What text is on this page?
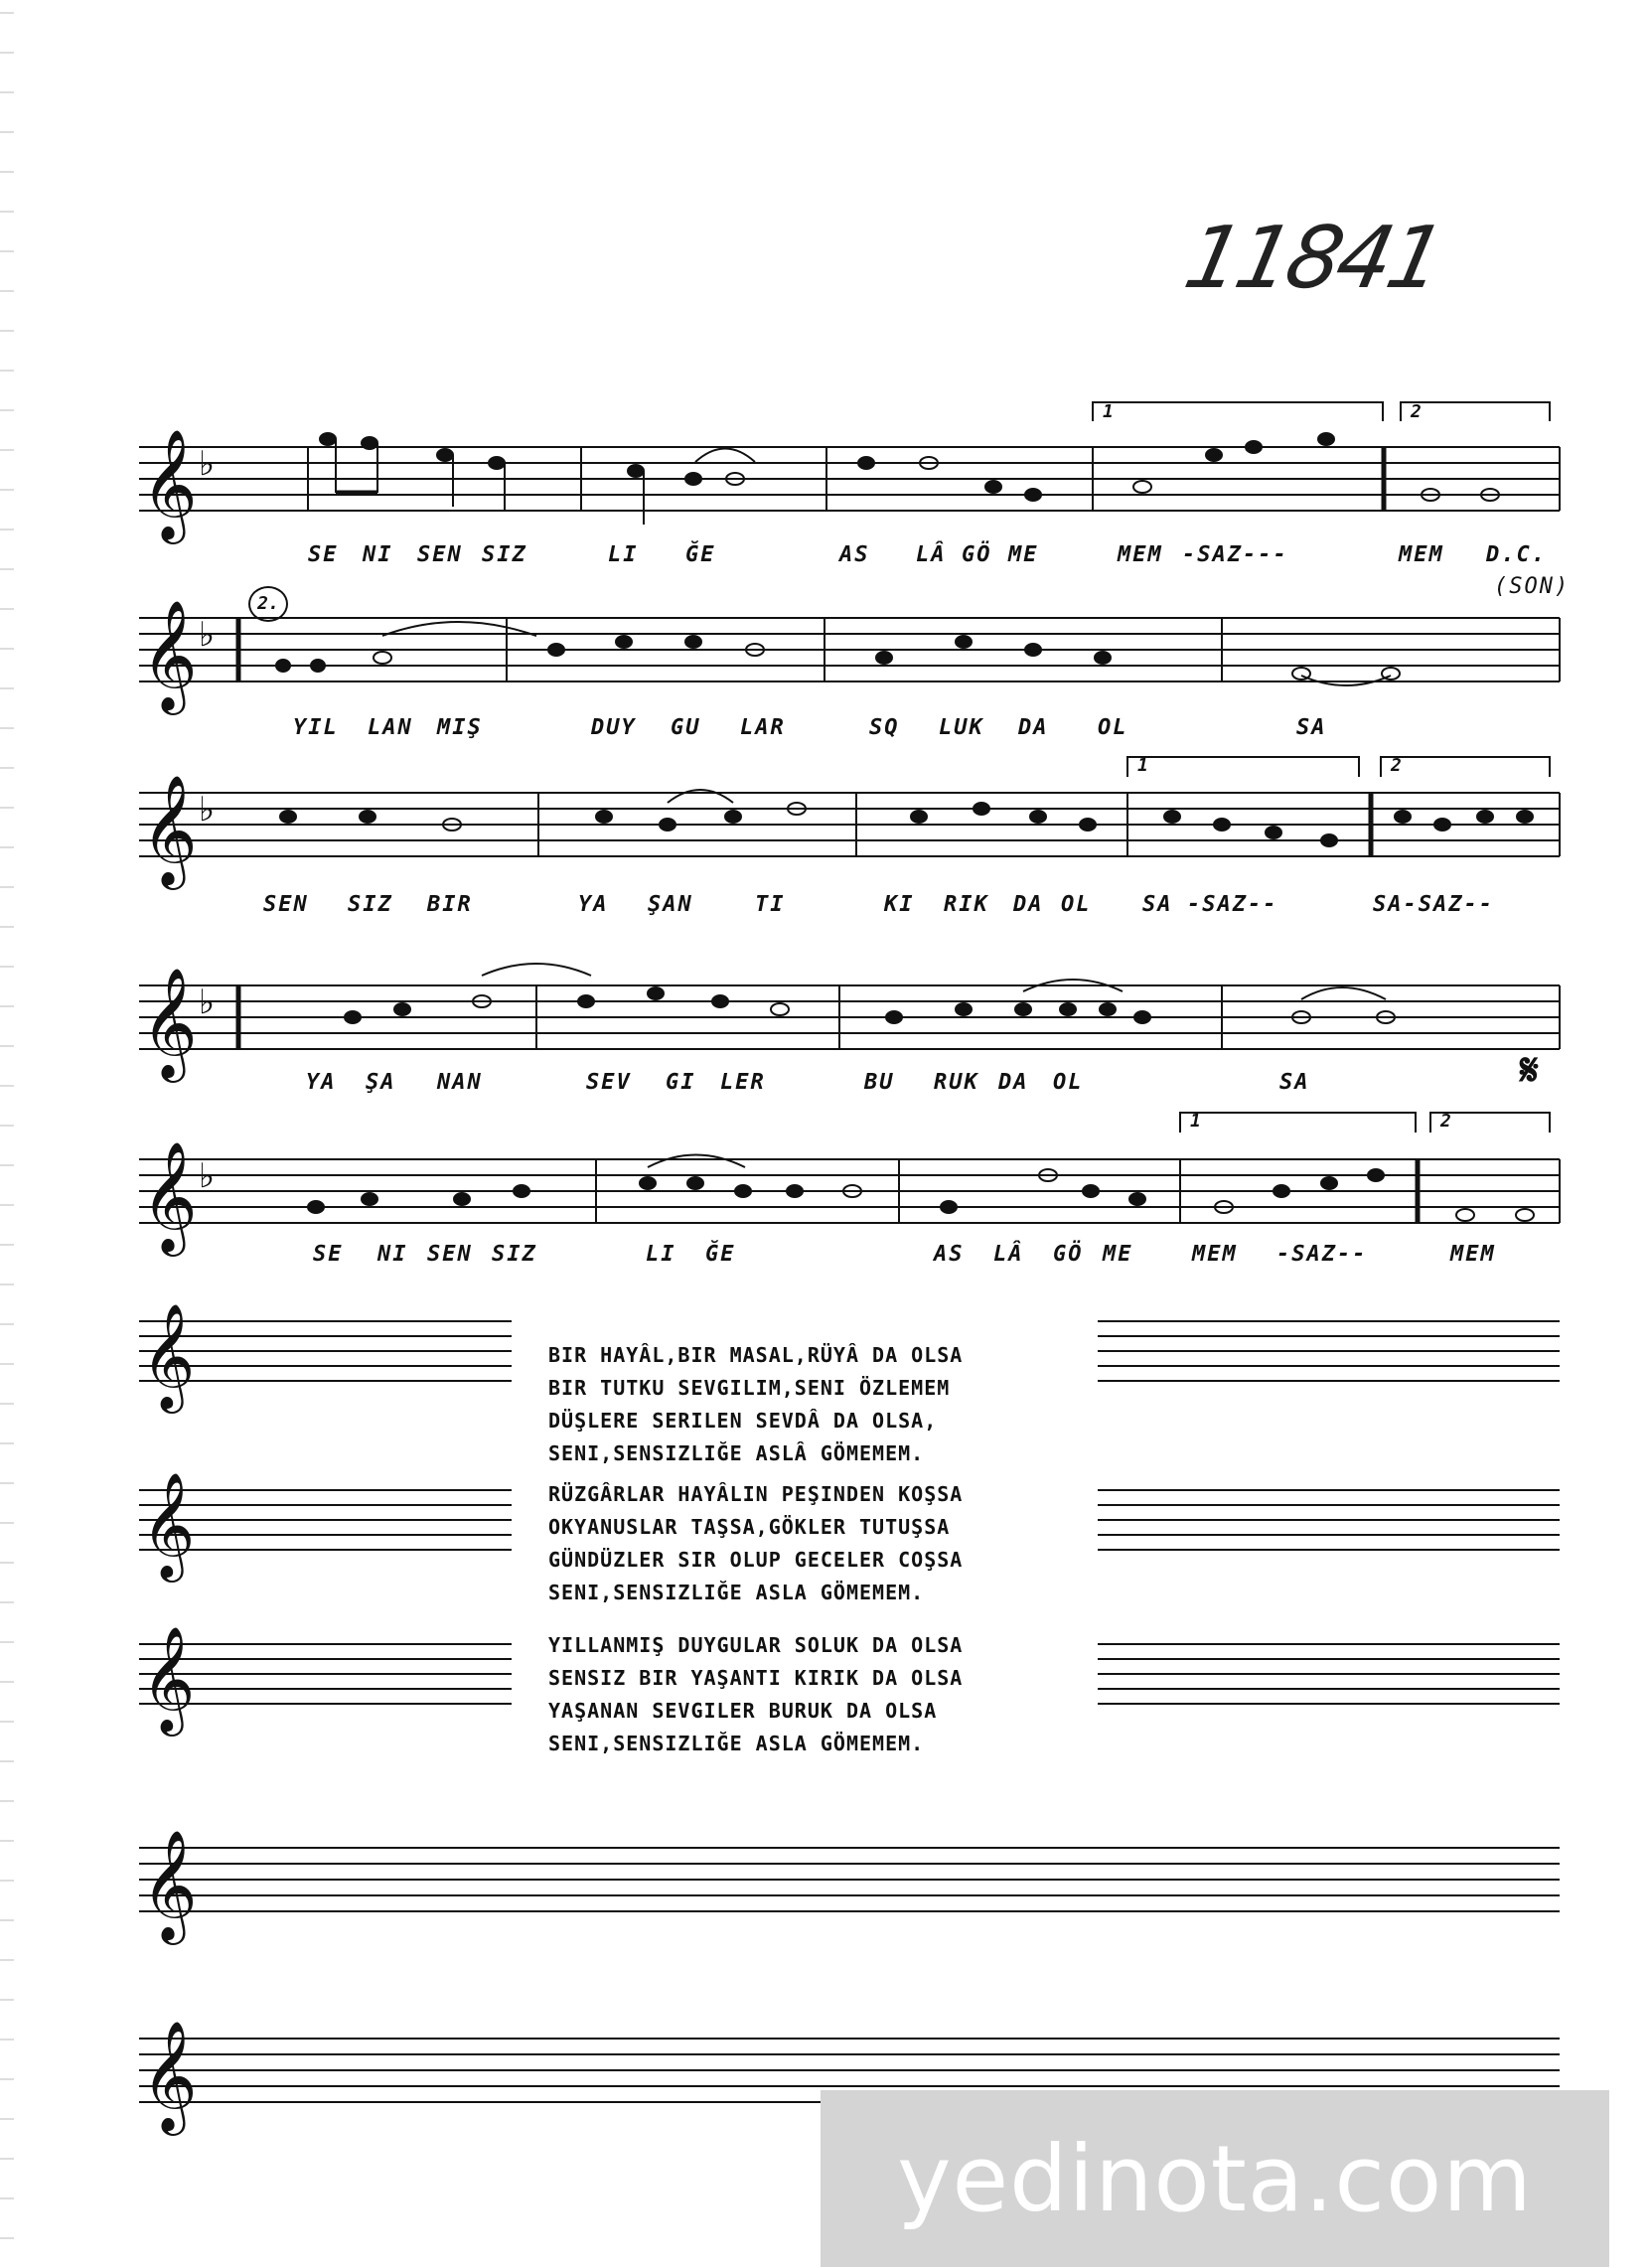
11841
𝄞
𝄞
𝄞
𝄞
𝄞
𝄞
𝄞
𝄞
𝄞
𝄞
♭
♭
♭
♭
♭
1	2
1	2
1	2
SE NI SEN SIZ	LI ĞE	AS LÂ GÖ ME	MEM -SAZ---	MEM D.C.
(SON)
2.
YIL LAN MIŞ	DUY GU LAR	SQ LUK DA OL	SA
SEN SIZ BIR	YA ŞAN	TI	KI RIK DA OL SA -SAZ--	SA-SAZ--
𝄋
YA ŞA NAN	SEV GI LER	BU RUK DA OL	SA
SE NI SEN SIZ	LI ĞE	AS LÂ GÖ ME	MEM -SAZ--	MEM
BIR HAYÂL,BIR MASAL,RÜYÂ DA OLSA
BIR TUTKU SEVGILIM,SENI ÖZLEMEM
DÜŞLERE SERILEN SEVDÂ DA OLSA,
SENI,SENSIZLIĞE ASLÂ GÖMEMEM.
RÜZGÂRLAR HAYÂLIN PEŞINDEN KOŞSA
OKYANUSLAR TAŞSA,GÖKLER TUTUŞSA
GÜNDÜZLER SIR OLUP GECELER COŞSA
SENI,SENSIZLIĞE ASLA GÖMEMEM.
YILLANMIŞ DUYGULAR SOLUK DA OLSA
SENSIZ BIR YAŞANTI KIRIK DA OLSA
YAŞANAN SEVGILER BURUK DA OLSA
SENI,SENSIZLIĞE ASLA GÖMEMEM.
yedinota.com
